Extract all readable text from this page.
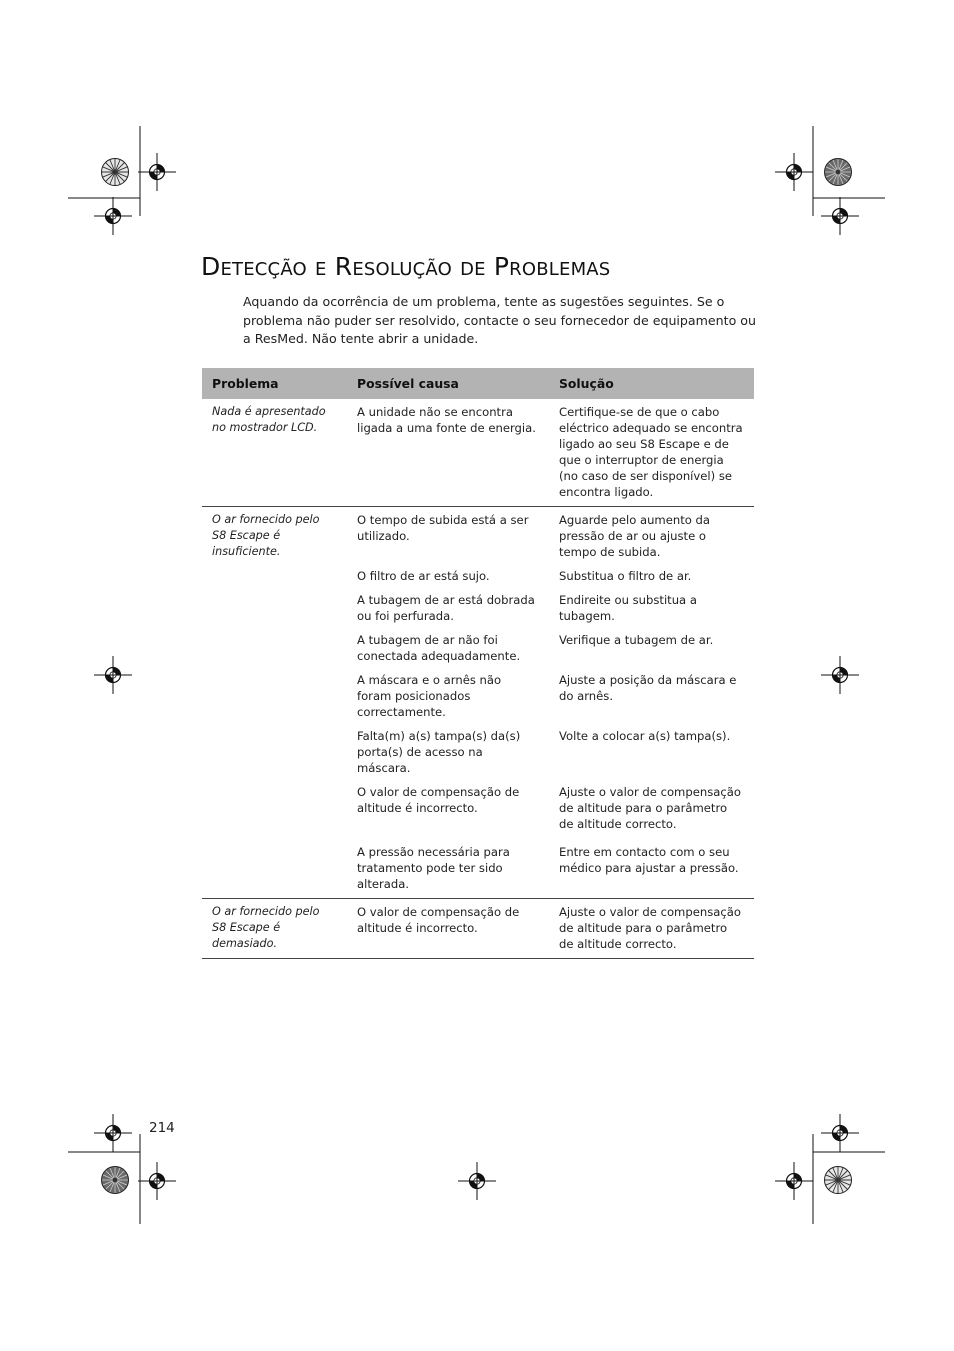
Detecção e Resolução de Problemas

Aquando da ocorrência de um problema, tente as sugestões seguintes. Se o problema não puder ser resolvido, contacte o seu fornecedor de equipamento ou a ResMed. Não tente abrir a unidade.

Problema	Possível causa	Solução
Nada é apresentado no mostrador LCD.	A unidade não se encontra ligada a uma fonte de energia.	Certifique-se de que o cabo eléctrico adequado se encontra ligado ao seu S8 Escape e de que o interruptor de energia (no caso de ser disponível) se encontra ligado.
O ar fornecido pelo S8 Escape é insuficiente.	O tempo de subida está a ser utilizado.	Aguarde pelo aumento da pressão de ar ou ajuste o tempo de subida.
	O filtro de ar está sujo.	Substitua o filtro de ar.
	A tubagem de ar está dobrada ou foi perfurada.	Endireite ou substitua a tubagem.
	A tubagem de ar não foi conectada adequadamente.	Verifique a tubagem de ar.
	A máscara e o arnês não foram posicionados correctamente.	Ajuste a posição da máscara e do arnês.
	Falta(m) a(s) tampa(s) da(s) porta(s) de acesso na máscara.	Volte a colocar a(s) tampa(s).
	O valor de compensação de altitude é incorrecto.	Ajuste o valor de compensação de altitude para o parâmetro de altitude correcto.
	A pressão necessária para tratamento pode ter sido alterada.	Entre em contacto com o seu médico para ajustar a pressão.
O ar fornecido pelo S8 Escape é demasiado.	O valor de compensação de altitude é incorrecto.	Ajuste o valor de compensação de altitude para o parâmetro de altitude correcto.
214
